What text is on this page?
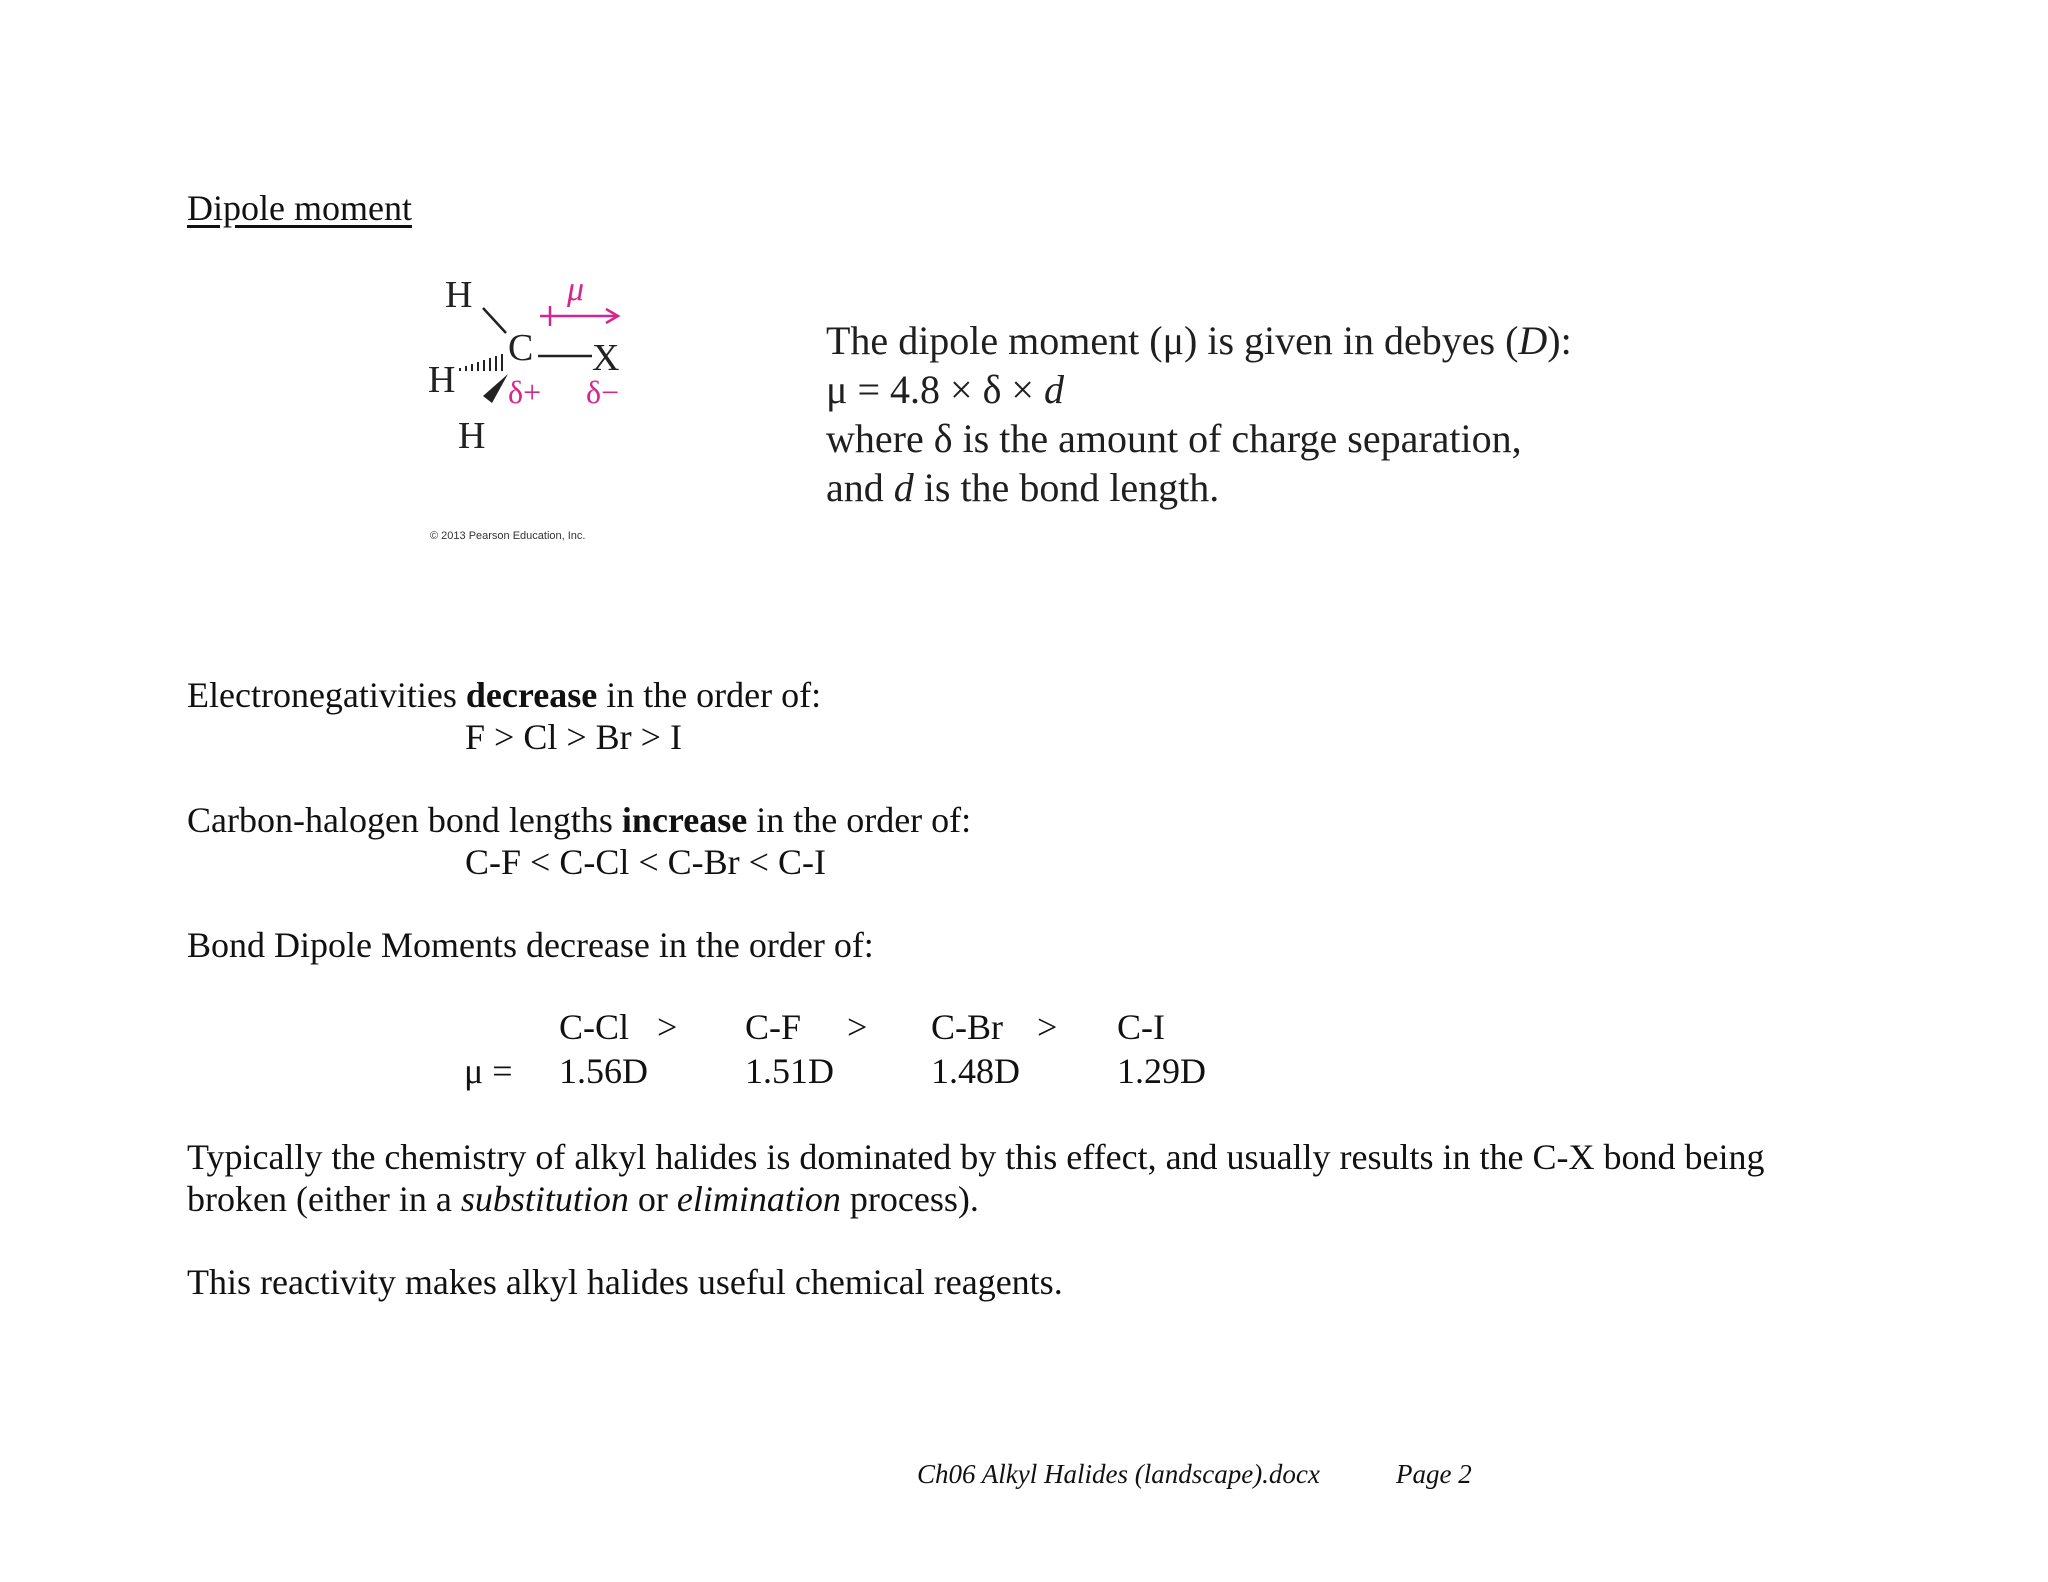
Dipole moment
H
C X
H
H
μ
δ+ δ−
© 2013 Pearson Education, Inc.
The dipole moment (μ) is given in debyes (D):
μ = 4.8 × δ × d
where δ is the amount of charge separation,
and d is the bond length.
Electronegativities decrease in the order of:
F > Cl > Br > I
Carbon-halogen bond lengths increase in the order of:
C-F < C-Cl < C-Br < C-I
Bond Dipole Moments decrease in the order of:
	C-Cl >	C-F >	C-Br >	C-I
μ =	1.56D	1.51D	1.48D	1.29D
Typically the chemistry of alkyl halides is dominated by this effect, and usually results in the C-X bond being broken (either in a substitution or elimination process).
This reactivity makes alkyl halides useful chemical reagents.
Ch06 Alkyl Halides (landscape).docx	Page 2
